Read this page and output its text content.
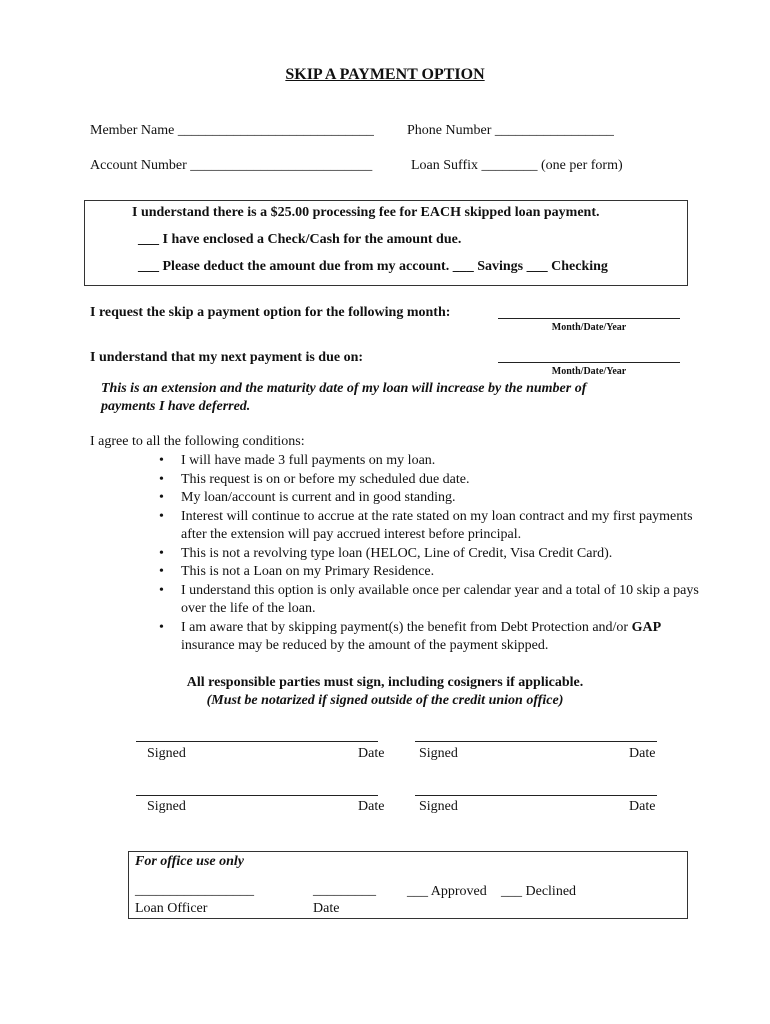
SKIP A PAYMENT OPTION
Member Name ____________________________ Phone Number _________________
Account Number __________________________	Loan Suffix ________ (one per form)
I understand there is a $25.00 processing fee for EACH skipped loan payment.
___ I have enclosed a Check/Cash for the amount due.
___ Please deduct the amount due from my account. ___ Savings ___ Checking
I request the skip a payment option for the following month:
Month/Date/Year
I understand that my next payment is due on:
Month/Date/Year
This is an extension and the maturity date of my loan will increase by the number of
payments I have deferred.
I agree to all the following conditions:
• I will have made 3 full payments on my loan.
• This request is on or before my scheduled due date.
• My loan/account is current and in good standing.
• Interest will continue to accrue at the rate stated on my loan contract and my first payments after the extension will pay accrued interest before principal.
• This is not a revolving type loan (HELOC, Line of Credit, Visa Credit Card).
• This is not a Loan on my Primary Residence.
• I understand this option is only available once per calendar year and a total of 10 skip a pays over the life of the loan.
• I am aware that by skipping payment(s) the benefit from Debt Protection and/or GAP insurance may be reduced by the amount of the payment skipped.
All responsible parties must sign, including cosigners if applicable.
(Must be notarized if signed outside of the credit union office)
Signed	Date Signed	Date
Signed	Date Signed	Date
For office use only
_________________
Loan Officer
_________
Date
___ Approved ___ Declined
